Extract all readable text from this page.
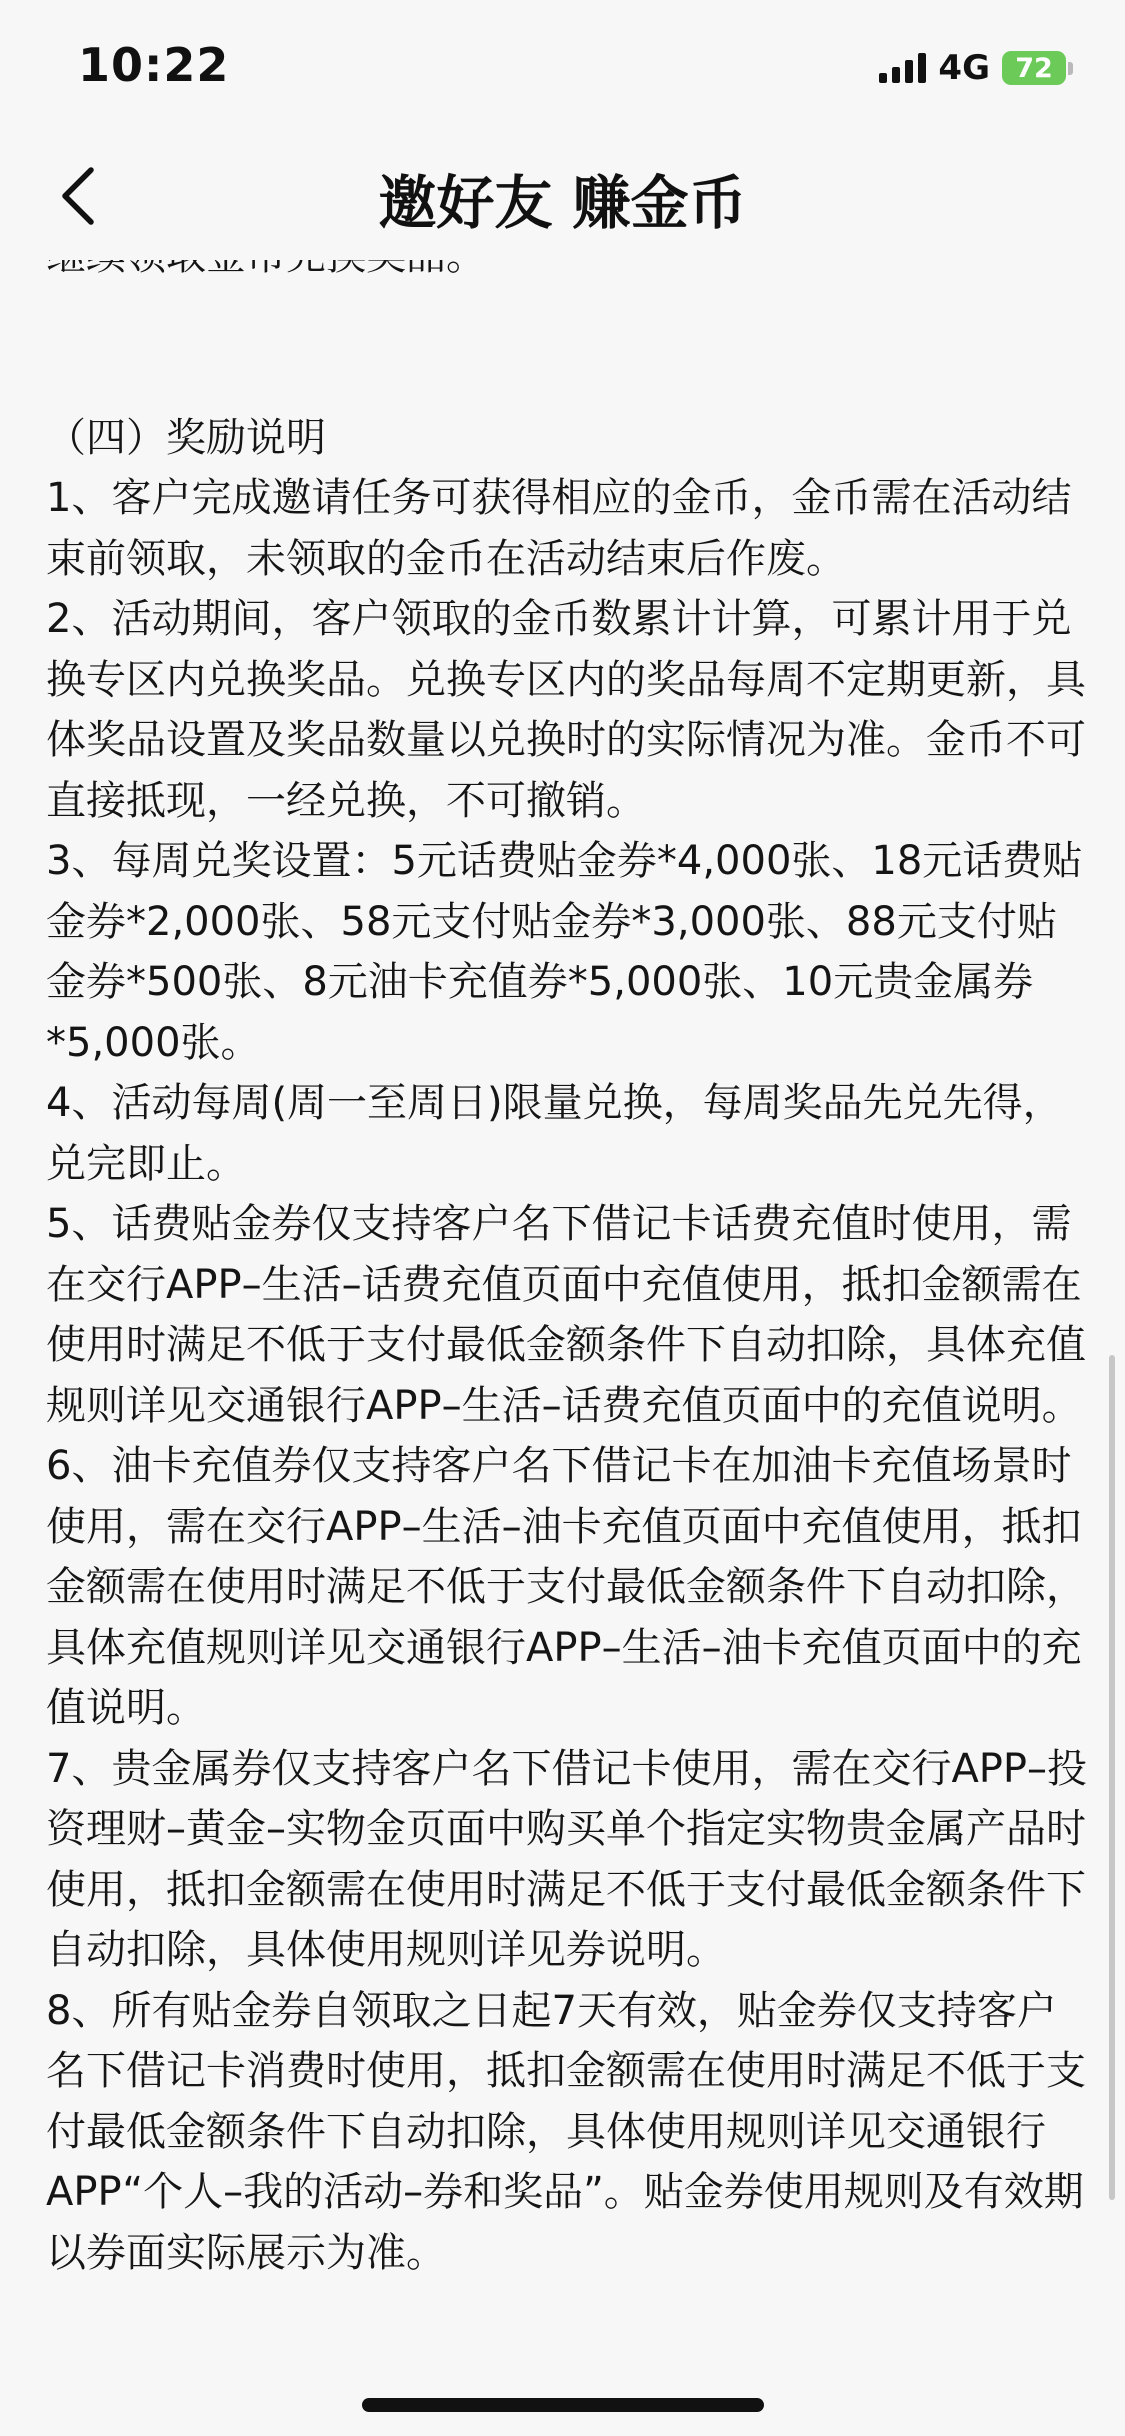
（四）奖励说明

1、客户完成邀请任务可获得相应的金币，金币需在活动结束前领取，未领取的金币在活动结束后作废。

2、活动期间，客户领取的金币数累计计算，可累计用于兑换专区内兑换奖品。兑换专区内的奖品每周不定期更新，具体奖品设置及奖品数量以兑换时的实际情况为准。金币不可直接抵现，一经兑换，不可撤销。

3、每周兑奖设置：5元话费贴金券*4,000张、18元话费贴金券*2,000张、58元支付贴金券*3,000张、88元支付贴金券*500张、8元油卡充值券*5,000张、10元贵金属券*5,000张。

4、活动每周(周一至周日)限量兑换，每周奖品先兑先得，兑完即止。

5、话费贴金券仅支持客户名下借记卡话费充值时使用，需在交行APP–生活–话费充值页面中充值使用，抵扣金额需在使用时满足不低于支付最低金额条件下自动扣除，具体充值规则详见交通银行APP–生活–话费充值页面中的充值说明。

6、油卡充值券仅支持客户名下借记卡在加油卡充值场景时使用，需在交行APP–生活–油卡充值页面中充值使用，抵扣金额需在使用时满足不低于支付最低金额条件下自动扣除，具体充值规则详见交通银行APP–生活–油卡充值页面中的充值说明。

7、贵金属券仅支持客户名下借记卡使用，需在交行APP–投资理财–黄金–实物金页面中购买单个指定实物贵金属产品时使用，抵扣金额需在使用时满足不低于支付最低金额条件下自动扣除，具体使用规则详见券说明。

8、所有贴金券自领取之日起7天有效，贴金券仅支持客户名下借记卡消费时使用，抵扣金额需在使用时满足不低于支付最低金额条件下自动扣除，具体使用规则详见交通银行APP“个人–我的活动–券和奖品”。贴金券使用规则及有效期以券面实际展示为准。

10:22	4G 72
邀好友 赚金币
